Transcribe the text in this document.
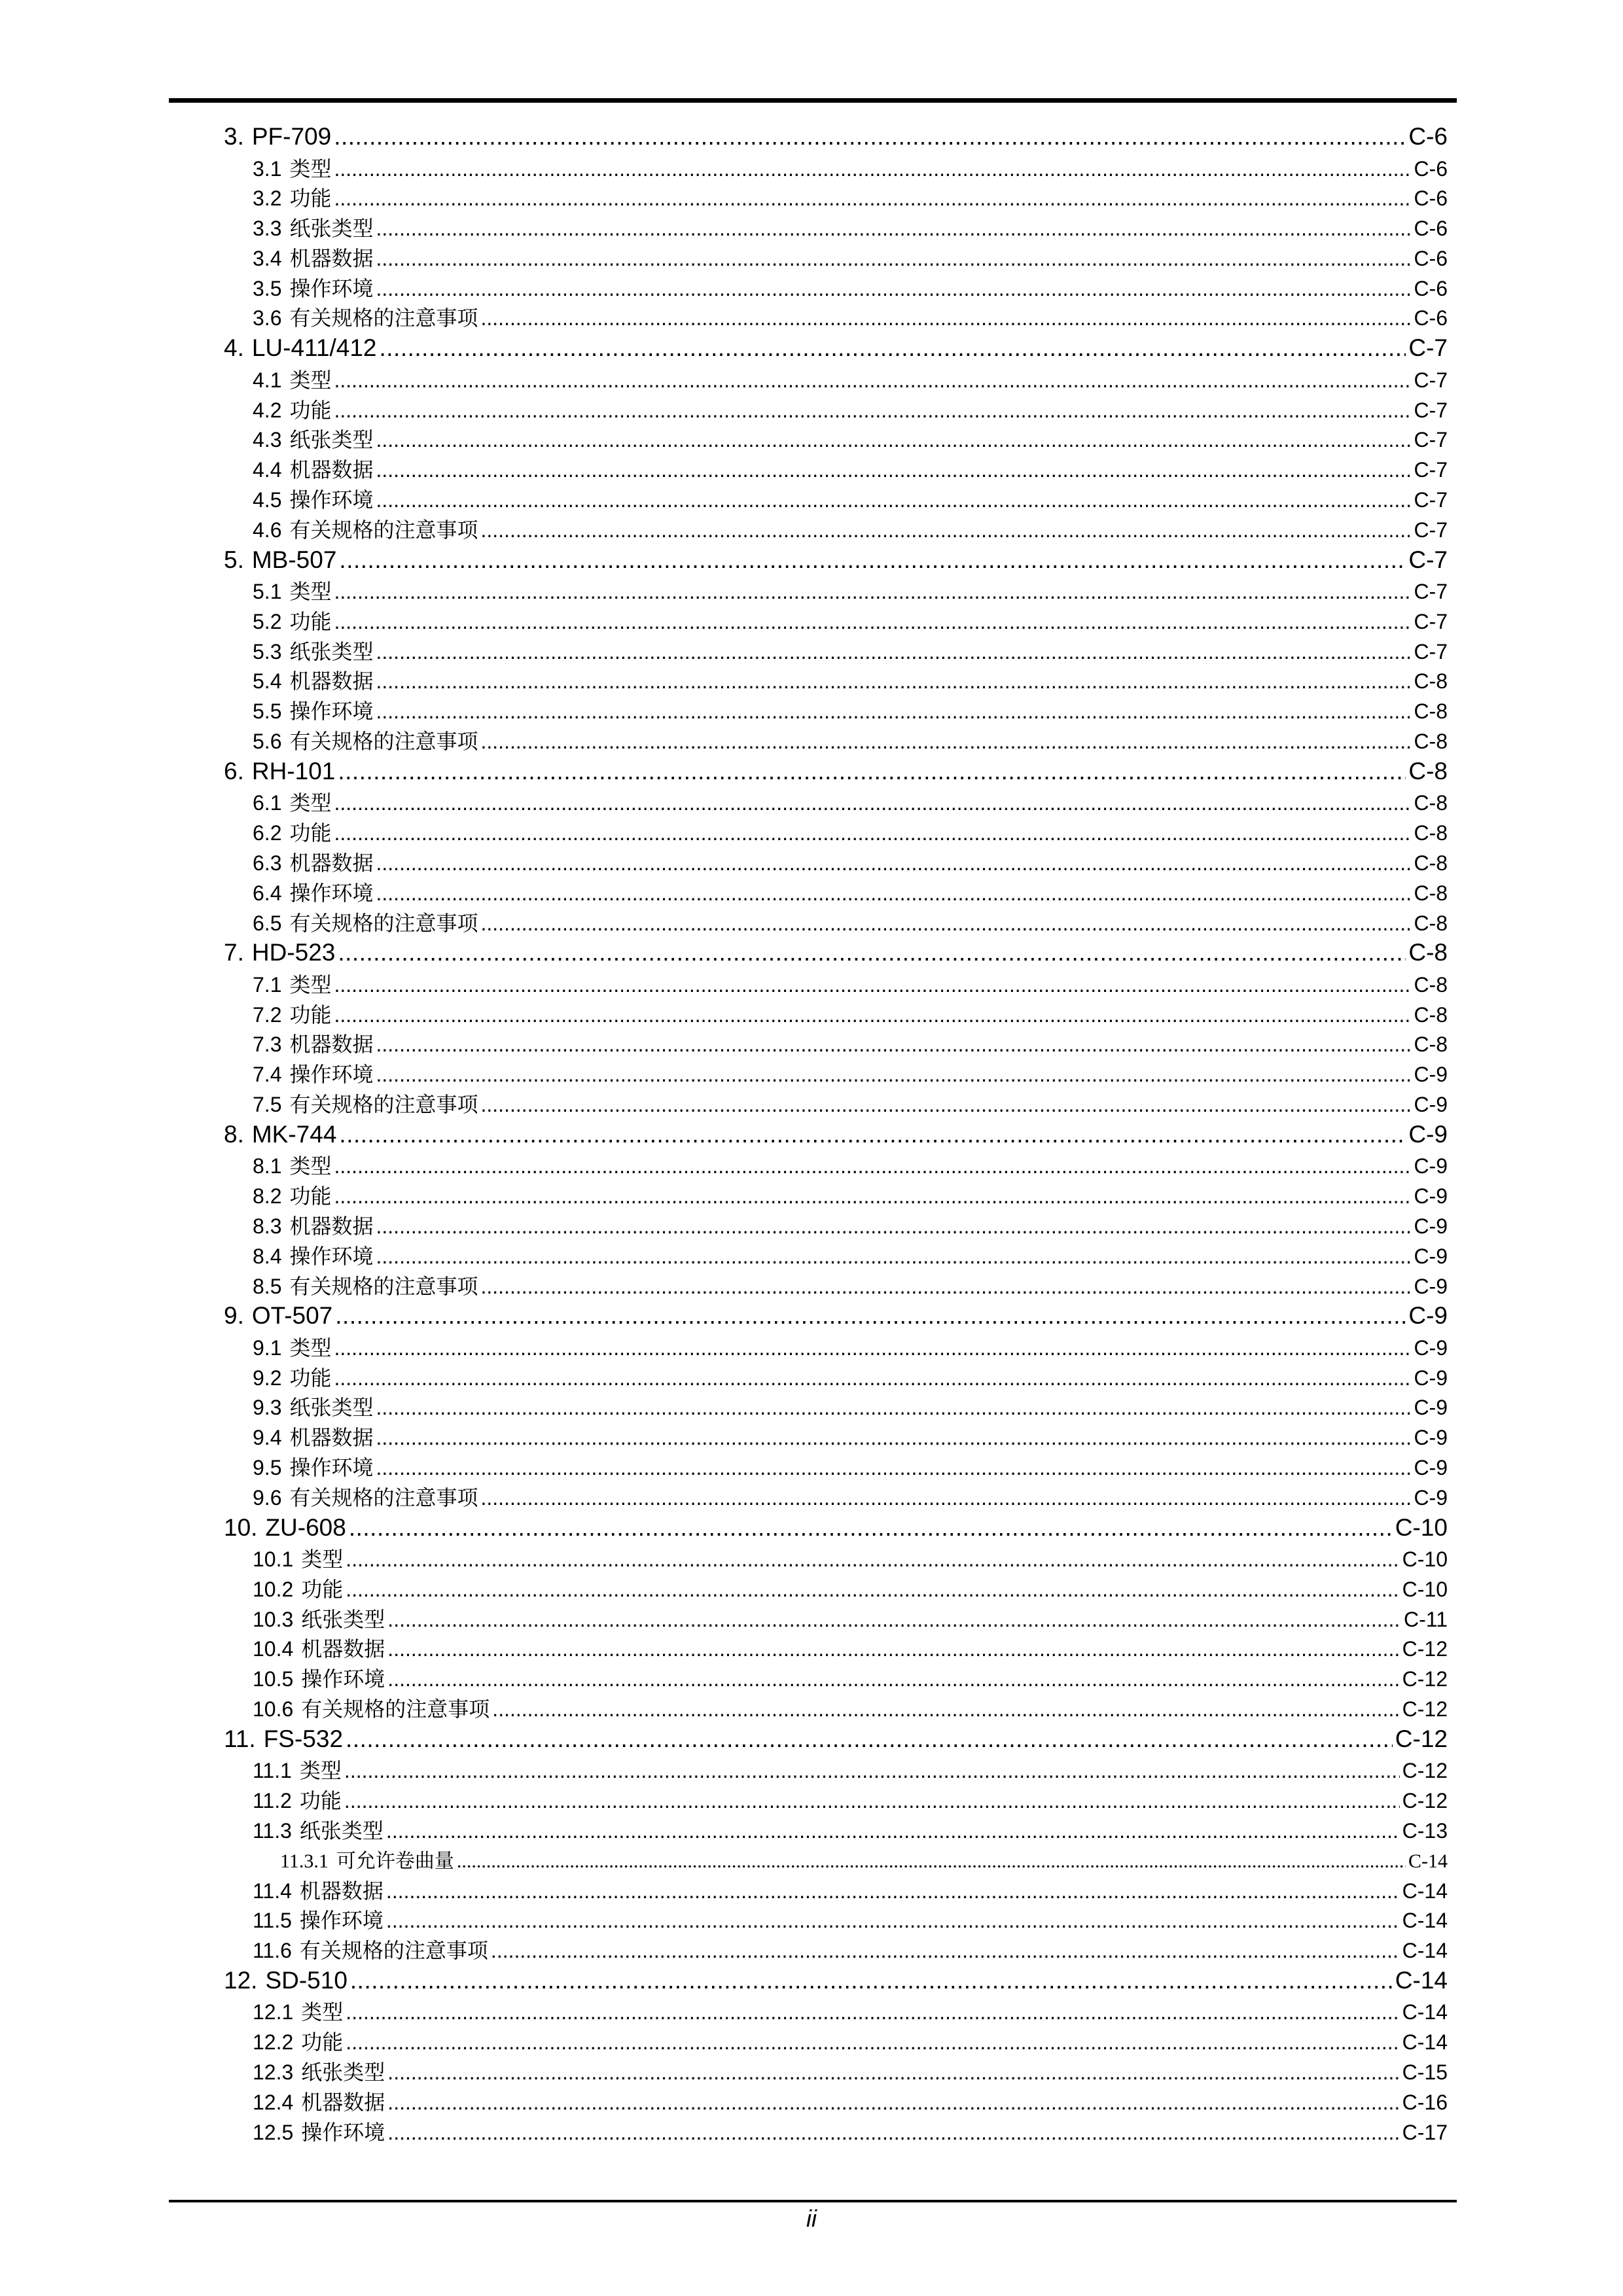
3. PF-709 .....	C-6
3.1 类型 .....	C-6
3.2 功能 .....	C-6
3.3 纸张类型 .....	C-6
3.4 机器数据 .....	C-6
3.5 操作环境 .....	C-6
3.6 有关规格的注意事项 .....	C-6
4. LU-411/412 .....	C-7
4.1 类型 .....	C-7
4.2 功能 .....	C-7
4.3 纸张类型 .....	C-7
4.4 机器数据 .....	C-7
4.5 操作环境 .....	C-7
4.6 有关规格的注意事项 .....	C-7
5. MB-507 .....	C-7
5.1 类型 .....	C-7
5.2 功能 .....	C-7
5.3 纸张类型 .....	C-7
5.4 机器数据 .....	C-8
5.5 操作环境 .....	C-8
5.6 有关规格的注意事项 .....	C-8
6. RH-101 .....	C-8
6.1 类型 .....	C-8
6.2 功能 .....	C-8
6.3 机器数据 .....	C-8
6.4 操作环境 .....	C-8
6.5 有关规格的注意事项 .....	C-8
7. HD-523 .....	C-8
7.1 类型 .....	C-8
7.2 功能 .....	C-8
7.3 机器数据 .....	C-8
7.4 操作环境 .....	C-9
7.5 有关规格的注意事项 .....	C-9
8. MK-744 .....	C-9
8.1 类型 .....	C-9
8.2 功能 .....	C-9
8.3 机器数据 .....	C-9
8.4 操作环境 .....	C-9
8.5 有关规格的注意事项 .....	C-9
9. OT-507 .....	C-9
9.1 类型 .....	C-9
9.2 功能 .....	C-9
9.3 纸张类型 .....	C-9
9.4 机器数据 .....	C-9
9.5 操作环境 .....	C-9
9.6 有关规格的注意事项 .....	C-9
10. ZU-608 .....	C-10
10.1 类型 .....	C-10
10.2 功能 .....	C-10
10.3 纸张类型 .....	C-11
10.4 机器数据 .....	C-12
10.5 操作环境 .....	C-12
10.6 有关规格的注意事项 .....	C-12
11. FS-532 .....	C-12
11.1 类型 .....	C-12
11.2 功能 .....	C-12
11.3 纸张类型 .....	C-13
11.3.1 可允许卷曲量 .....	C-14
11.4 机器数据 .....	C-14
11.5 操作环境 .....	C-14
11.6 有关规格的注意事项 .....	C-14
12. SD-510 .....	C-14
12.1 类型 .....	C-14
12.2 功能 .....	C-14
12.3 纸张类型 .....	C-15
12.4 机器数据 .....	C-16
12.5 操作环境 .....	C-17
ii
